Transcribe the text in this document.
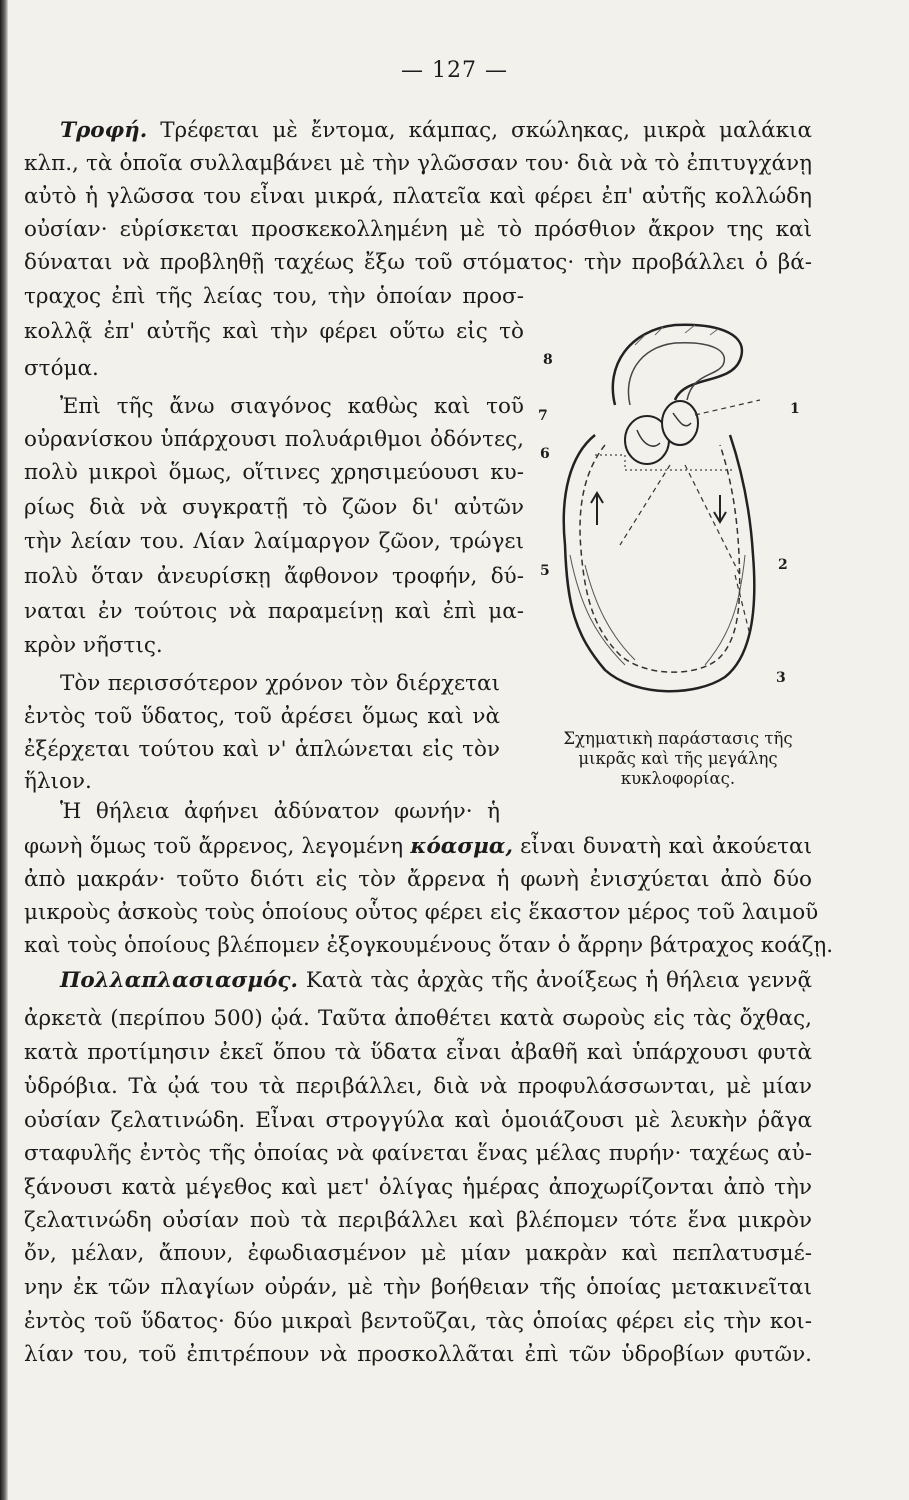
— 127 —
Τροφή. Τρέφεται μὲ ἔντομα, κάμπας, σκώληκας, μικρὰ μαλάκια
κλπ., τὰ ὁποῖα συλλαμβάνει μὲ τὴν γλῶσσαν του· διὰ νὰ τὸ ἐπιτυγχάνῃ
αὐτὸ ἡ γλῶσσα του εἶναι μικρά, πλατεῖα καὶ φέρει ἐπ' αὐτῆς κολλώδη
οὐσίαν· εὑρίσκεται προσκεκολλημένη μὲ τὸ πρόσθιον ἄκρον της καὶ
δύναται νὰ προβληθῇ ταχέως ἔξω τοῦ στόματος· τὴν προβάλλει ὁ βά-
τραχος ἐπὶ τῆς λείας του, τὴν ὁποίαν προσ-
κολλᾷ ἐπ' αὐτῆς καὶ τὴν φέρει οὕτω εἰς τὸ
στόμα.
Ἐπὶ τῆς ἄνω σιαγόνος καθὼς καὶ τοῦ
οὐρανίσκου ὑπάρχουσι πολυάριθμοι ὀδόντες,
πολὺ μικροὶ ὅμως, οἵτινες χρησιμεύουσι κυ-
ρίως διὰ νὰ συγκρατῇ τὸ ζῶον δι' αὐτῶν
τὴν λείαν του. Λίαν λαίμαργον ζῶον, τρώγει
πολὺ ὅταν ἀνευρίσκῃ ἄφθονον τροφήν, δύ-
ναται ἐν τούτοις νὰ παραμείνῃ καὶ ἐπὶ μα-
κρὸν νῆστις.
Τὸν περισσότερον χρόνον τὸν διέρχεται
ἐντὸς τοῦ ὕδατος, τοῦ ἀρέσει ὅμως καὶ νὰ
ἐξέρχεται τούτου καὶ ν' ἁπλώνεται εἰς τὸν
ἥλιον.
Ἡ θήλεια ἀφήνει ἀδύνατον φωνήν· ἡ
φωνὴ ὅμως τοῦ ἄρρενος, λεγομένη κόασμα, εἶναι δυνατὴ καὶ ἀκούεται
ἀπὸ μακράν· τοῦτο διότι εἰς τὸν ἄρρενα ἡ φωνὴ ἐνισχύεται ἀπὸ δύο
μικροὺς ἀσκοὺς τοὺς ὁποίους οὗτος φέρει εἰς ἕκαστον μέρος τοῦ λαιμοῦ
καὶ τοὺς ὁποίους βλέπομεν ἐξογκουμένους ὅταν ὁ ἄρρην βάτραχος κοάζῃ.
Πολλαπλασιασμός. Κατὰ τὰς ἀρχὰς τῆς ἀνοίξεως ἡ θήλεια γεννᾷ
ἀρκετὰ (περίπου 500) ᾠά. Ταῦτα ἀποθέτει κατὰ σωροὺς εἰς τὰς ὄχθας,
κατὰ προτίμησιν ἐκεῖ ὅπου τὰ ὕδατα εἶναι ἀβαθῆ καὶ ὑπάρχουσι φυτὰ
ὑδρόβια. Τὰ ᾠά του τὰ περιβάλλει, διὰ νὰ προφυλάσσωνται, μὲ μίαν
οὐσίαν ζελατινώδη. Εἶναι στρογγύλα καὶ ὁμοιάζουσι μὲ λευκὴν ῥᾶγα
σταφυλῆς ἐντὸς τῆς ὁποίας νὰ φαίνεται ἕνας μέλας πυρήν· ταχέως αὐ-
ξάνουσι κατὰ μέγεθος καὶ μετ' ὀλίγας ἡμέρας ἀποχωρίζονται ἀπὸ τὴν
ζελατινώδη οὐσίαν ποὺ τὰ περιβάλλει καὶ βλέπομεν τότε ἕνα μικρὸν
ὄν, μέλαν, ἄπουν, ἐφωδιασμένον μὲ μίαν μακρὰν καὶ πεπλατυσμέ-
νην ἐκ τῶν πλαγίων οὐράν, μὲ τὴν βοήθειαν τῆς ὁποίας μετακινεῖται
ἐντὸς τοῦ ὕδατος· δύο μικραὶ βεντοῦζαι, τὰς ὁποίας φέρει εἰς τὴν κοι-
λίαν του, τοῦ ἐπιτρέπουν νὰ προσκολλᾶται ἐπὶ τῶν ὑδροβίων φυτῶν.
8
7
6
5
1
2
3
Σχηματικὴ παράστασις τῆς
μικρᾶς καὶ τῆς μεγάλης
κυκλοφορίας.
